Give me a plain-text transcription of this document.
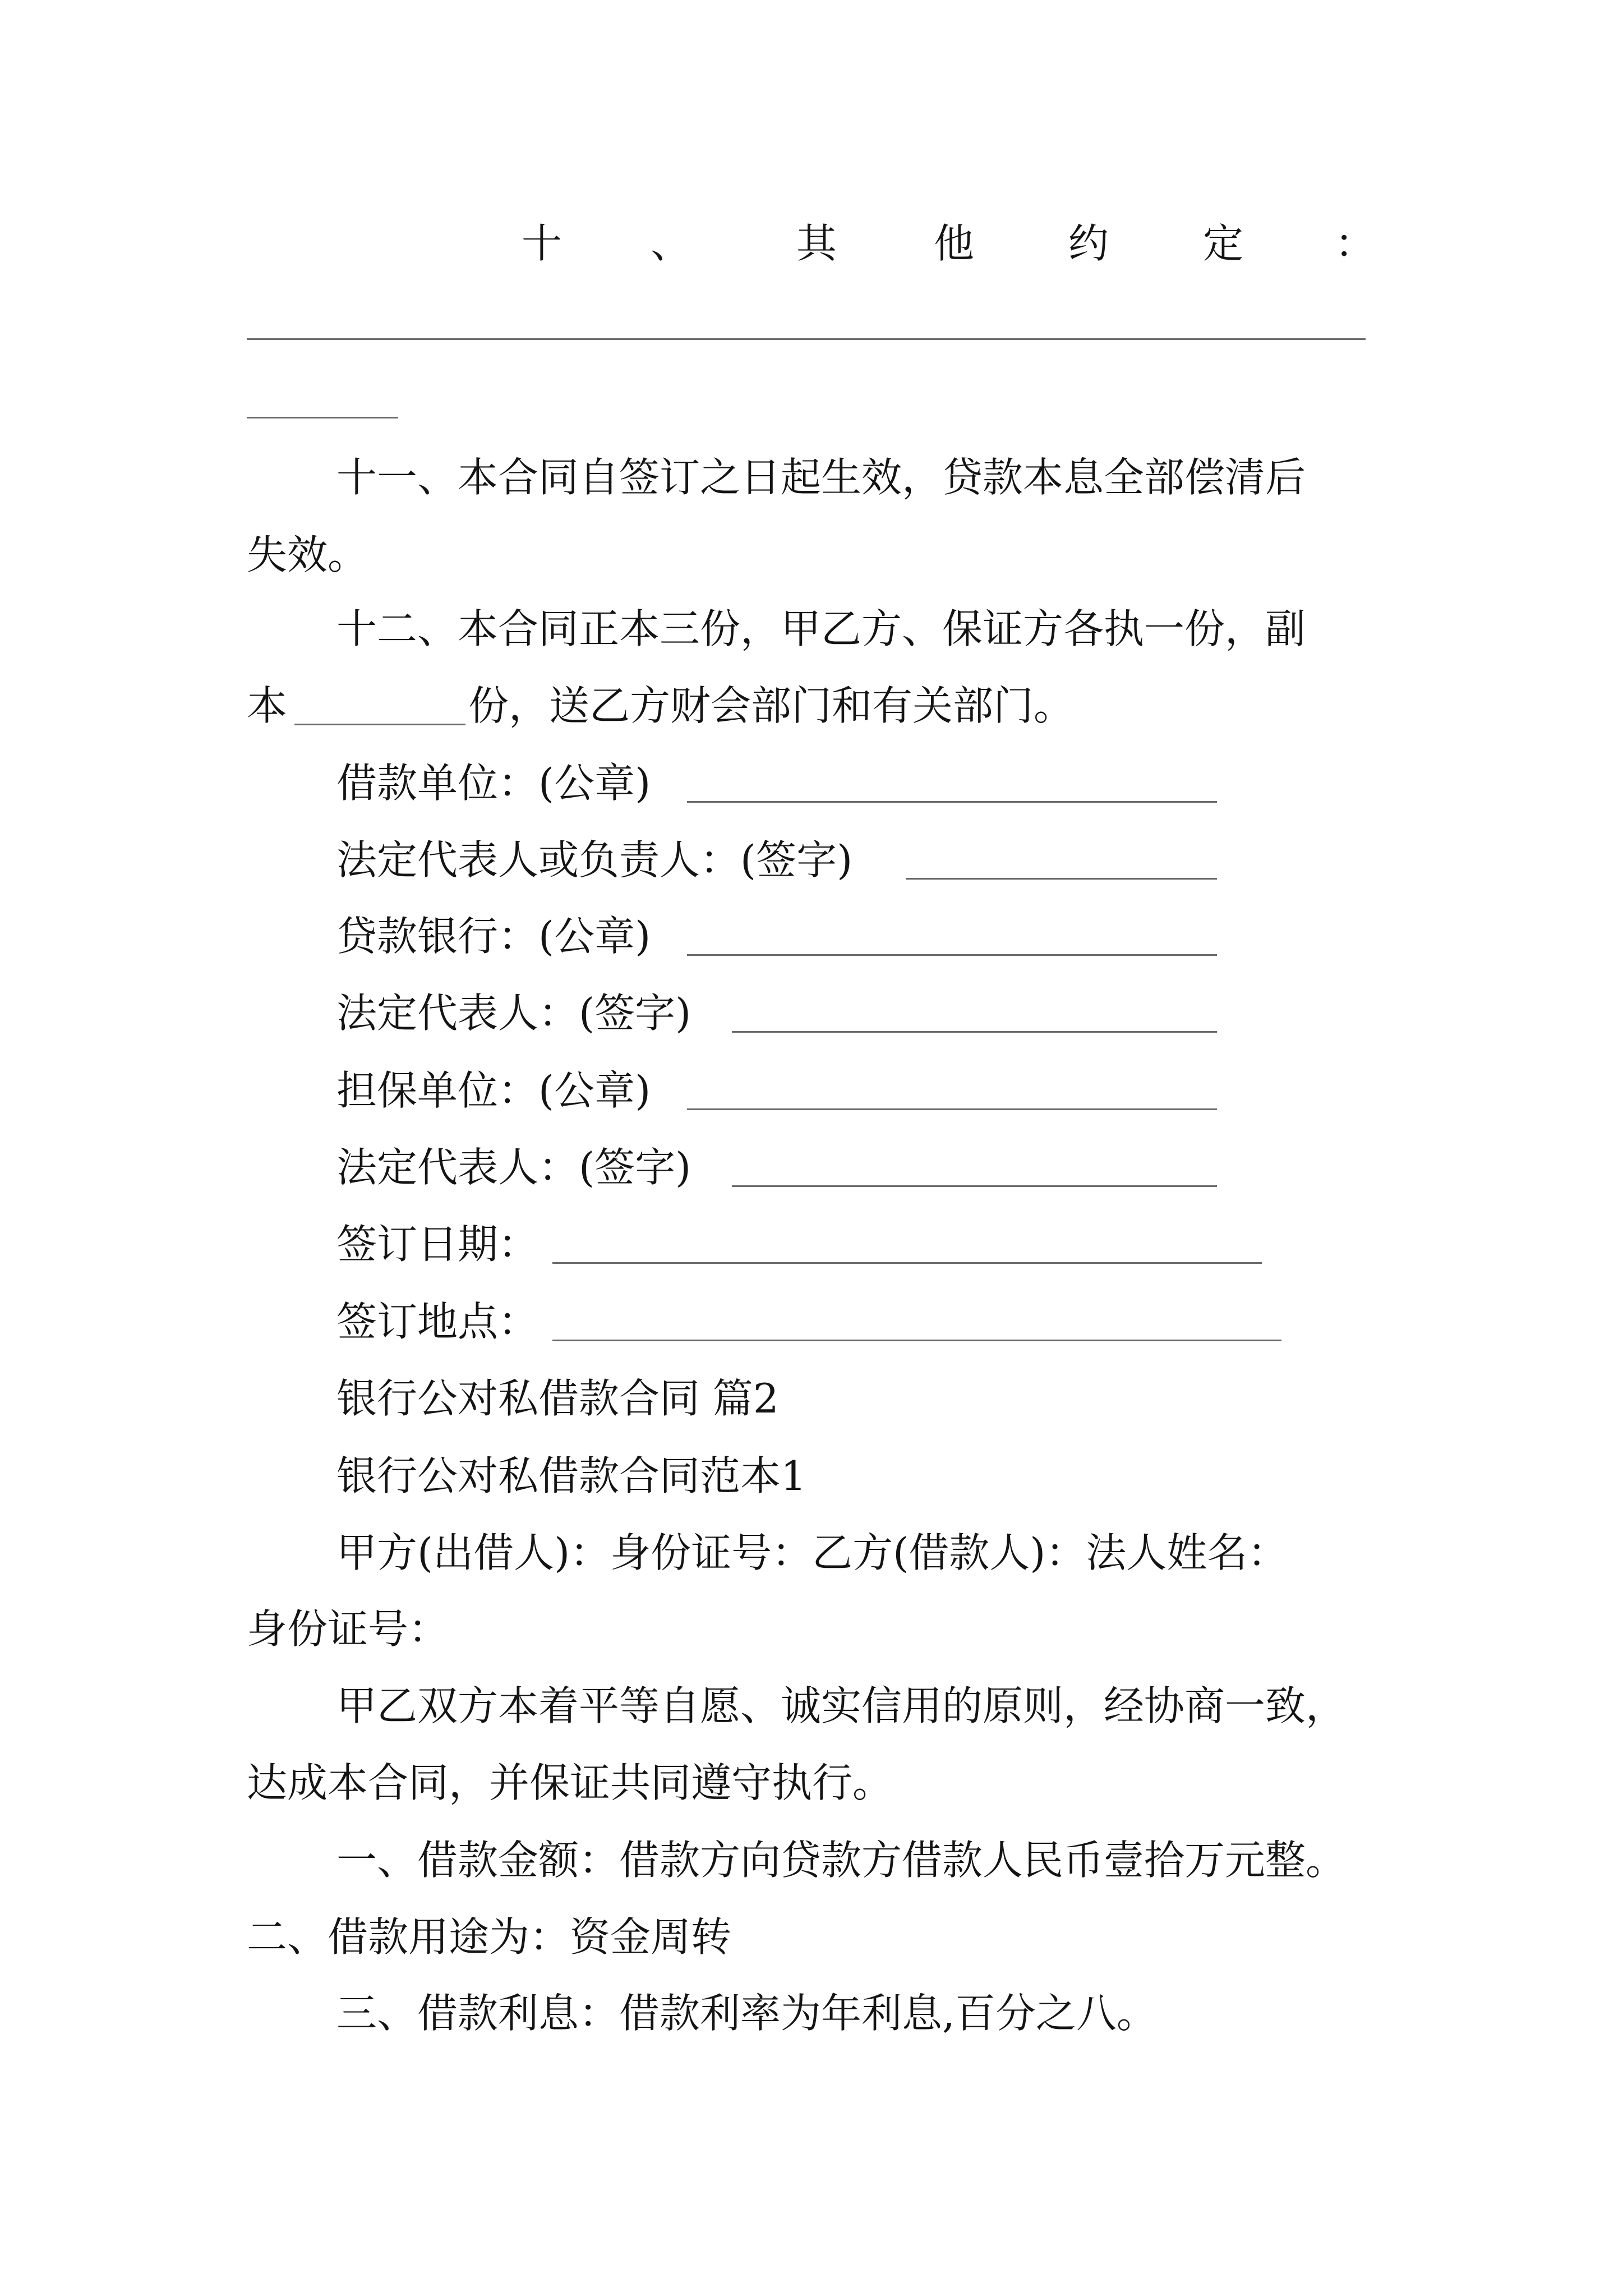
十 、	其 他 约 定 ：
十一、本合同自签订之日起生效，贷款本息全部偿清后
失效。
十二、本合同正本三份，甲乙方、保证方各执一份，副
本	份，送乙方财会部门和有关部门。
借款单位：(公章)
法定代表人或负责人：(签字)
贷款银行：(公章)
法定代表人：(签字)
担保单位：(公章)
法定代表人：(签字)
签订日期：
签订地点：
银行公对私借款合同 篇2
银行公对私借款合同范本1
甲方(出借人)：身份证号：乙方(借款人)：法人姓名：
身份证号：
甲乙双方本着平等自愿、诚实信用的原则，经协商一致，
达成本合同，并保证共同遵守执行。
一、借款金额：借款方向贷款方借款人民币壹拾万元整。
二、借款用途为：资金周转
三、借款利息：借款利率为年利息,百分之八。
